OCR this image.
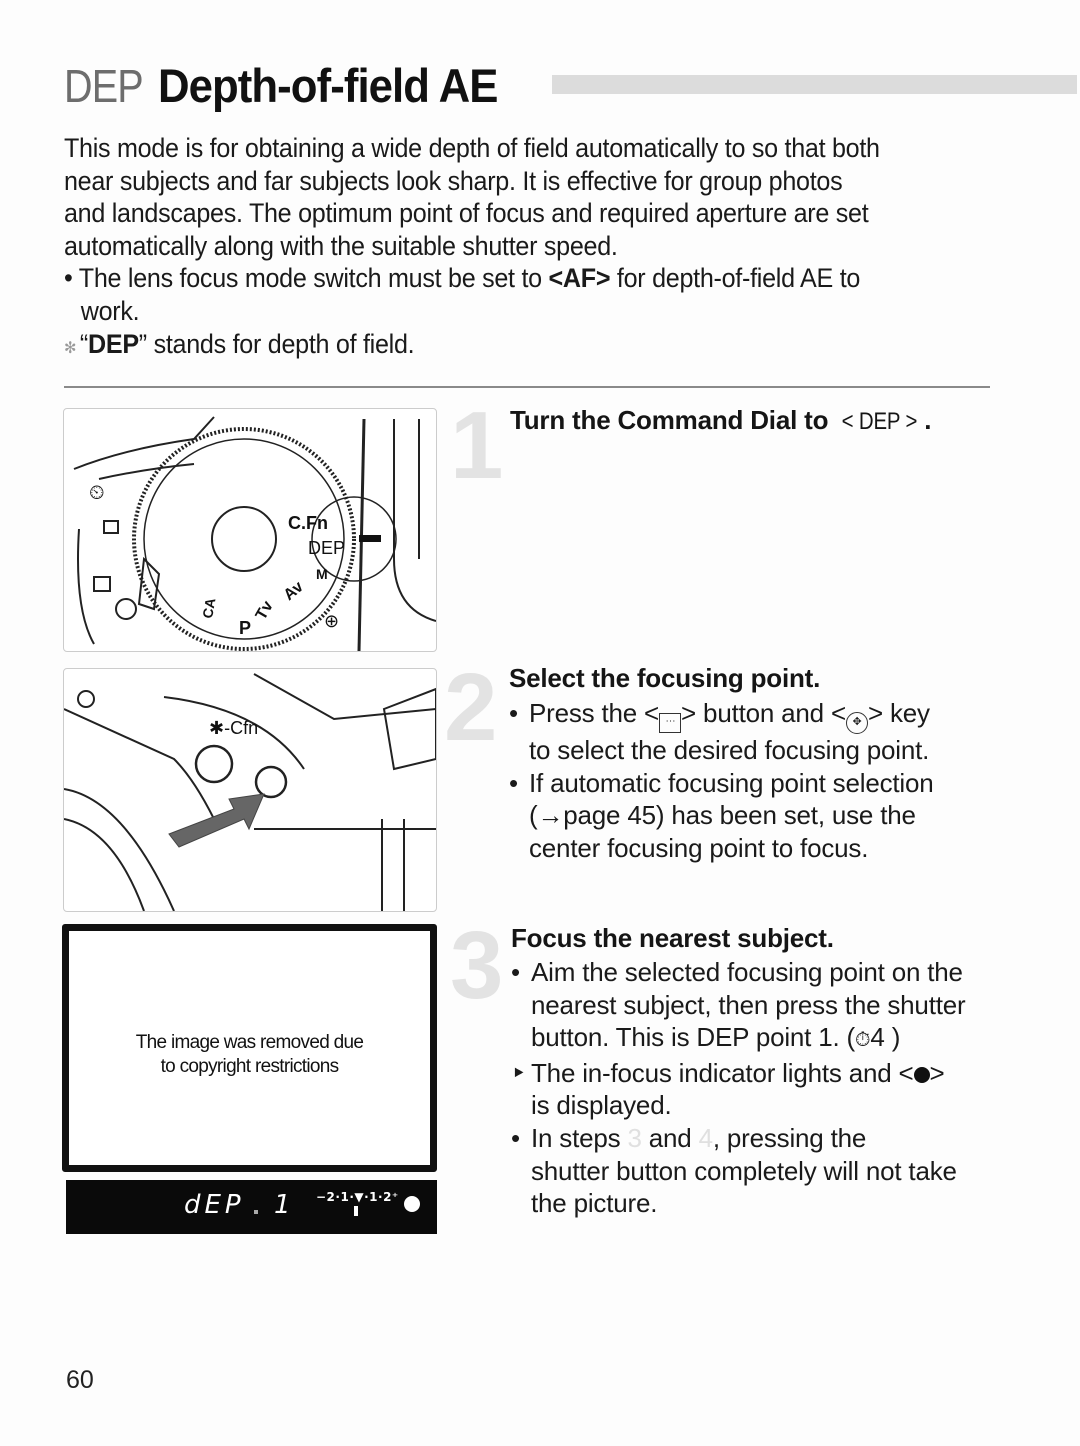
DEP Depth-of-field AE

This mode is for obtaining a wide depth of field automatically to so that both

near subjects and far subjects look sharp. It is effective for group photos

and landscapes. The optimum point of focus and required aperture are set

automatically along with the suitable shutter speed.

• The lens focus mode switch must be set to <AF> for depth-of-field AE to

work.

✻ “DEP” stands for depth of field.

⏲
C.Fn
DEP
M
Av
Tv
P
CA
⊕
✱-Cfn
The image was removed due
to copyright restrictions
dEP 1 −2·1·▼·1·2⁺
1 Turn the Command Dial to < DEP > .
2 Select the focusing point.
• Press the < ⋯ > button and < ✥ > key
to select the desired focusing point.
• If automatic focusing point selection
(→page 45) has been set, use the
center focusing point to focus.
3 Focus the nearest subject.
• Aim the selected focusing point on the
nearest subject, then press the shutter
button. This is DEP point 1. (⏱4 )
‣ The in-focus indicator lights and < >
is displayed.
• In steps 3 and 4, pressing the
shutter button completely will not take
the picture.
60
